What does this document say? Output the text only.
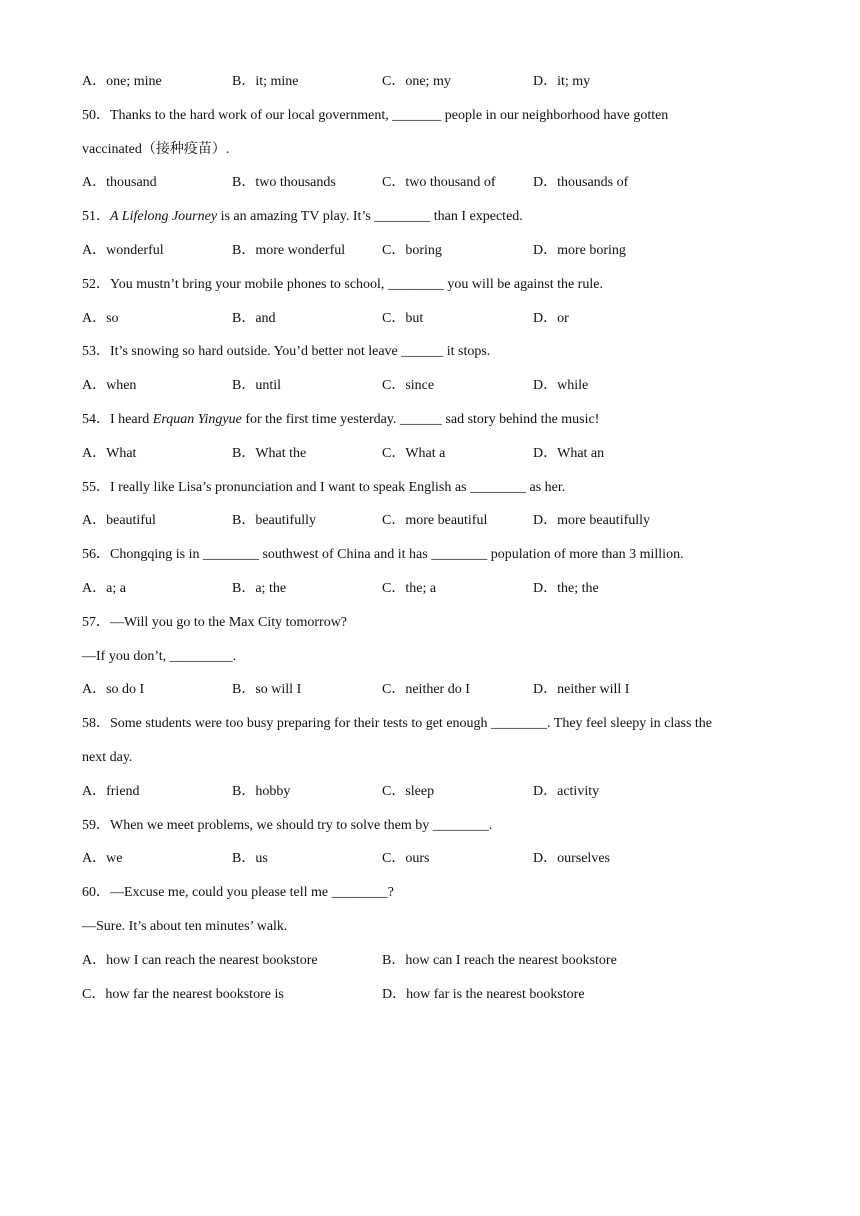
A．one; mine	B．it; mine	C．one; my	D．it; my
50．Thanks to the hard work of our local government, _______ people in our neighborhood have gotten
vaccinated（接种疫苗）.
A．thousand	B．two thousands	C．two thousand of	D．thousands of
51．A Lifelong Journey is an amazing TV play. It’s ________ than I expected.
A．wonderful	B．more wonderful	C．boring	D．more boring
52．You mustn’t bring your mobile phones to school, ________ you will be against the rule.
A．so	B．and	C．but	D．or
53．It’s snowing so hard outside. You’d better not leave ______ it stops.
A．when	B．until	C．since	D．while
54．I heard Erquan Yingyue for the first time yesterday. ______ sad story behind the music!
A．What	B．What the	C．What a	D．What an
55．I really like Lisa’s pronunciation and I want to speak English as ________ as her.
A．beautiful	B．beautifully	C．more beautiful	D．more beautifully
56．Chongqing is in ________ southwest of China and it has ________ population of more than 3 million.
A．a; a	B．a; the	C．the; a	D．the; the
57．—Will you go to the Max City tomorrow?
—If you don’t, _________.
A．so do I	B．so will I	C．neither do I	D．neither will I
58．Some students were too busy preparing for their tests to get enough ________. They feel sleepy in class the
next day.
A．friend	B．hobby	C．sleep	D．activity
59．When we meet problems, we should try to solve them by ________.
A．we	B．us	C．ours	D．ourselves
60．—Excuse me, could you please tell me ________?
—Sure. It’s about ten minutes’ walk.
A．how I can reach the nearest bookstore	B．how can I reach the nearest bookstore
C．how far the nearest bookstore is	D．how far is the nearest bookstore
